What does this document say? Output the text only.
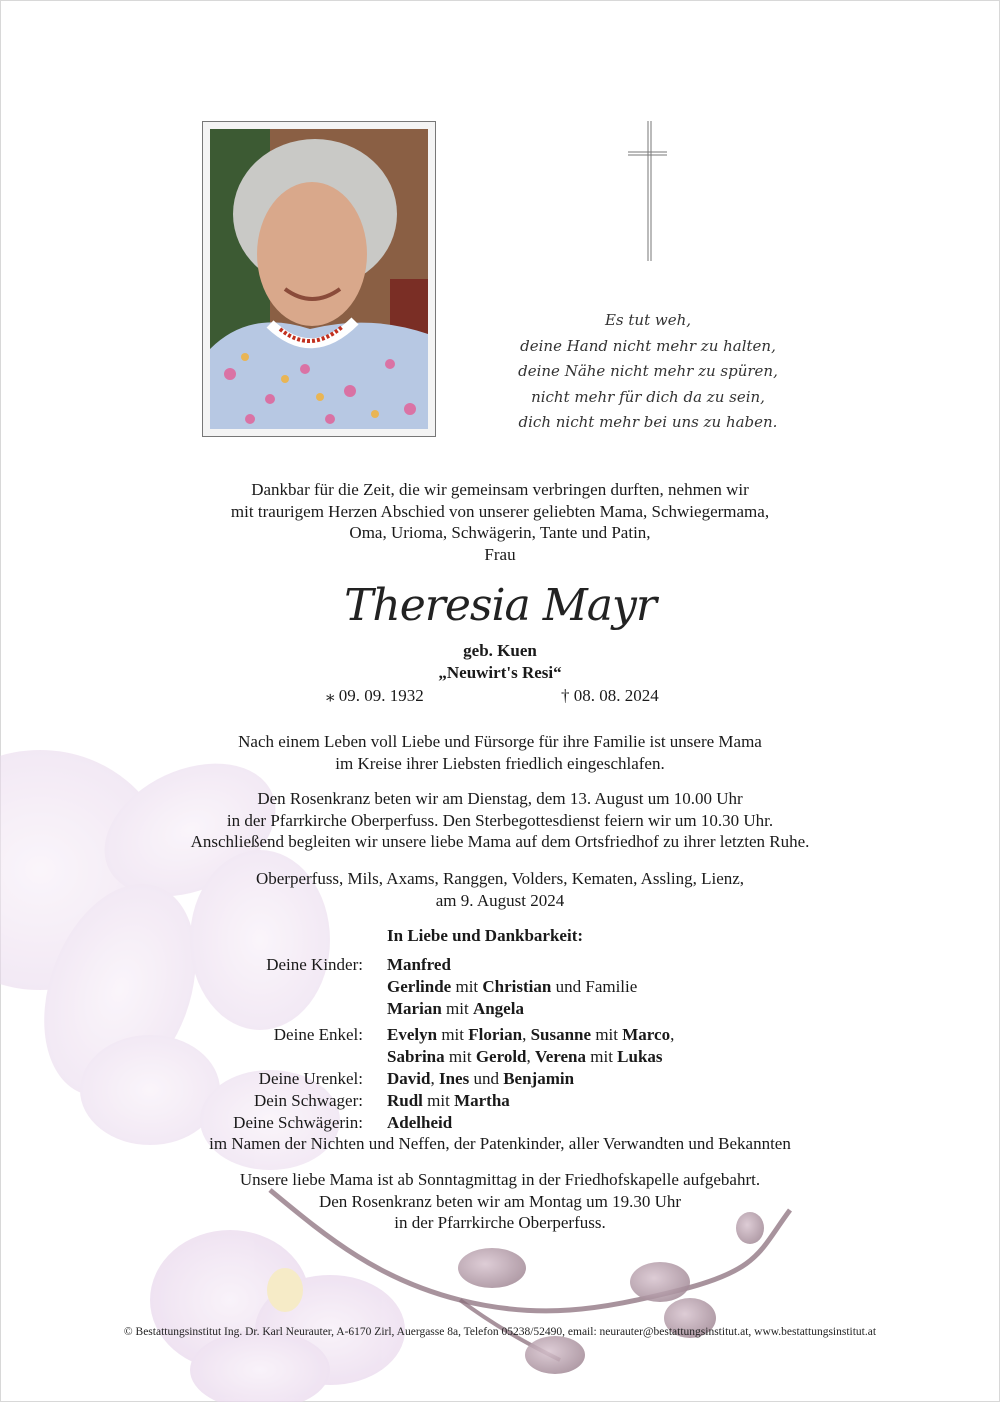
Es tut weh,
deine Hand nicht mehr zu halten,
deine Nähe nicht mehr zu spüren,
nicht mehr für dich da zu sein,
dich nicht mehr bei uns zu haben.
Dankbar für die Zeit, die wir gemeinsam verbringen durften, nehmen wir
mit traurigem Herzen Abschied von unserer geliebten Mama, Schwiegermama,
Oma, Urioma, Schwägerin, Tante und Patin,
Frau
Theresia Mayr
geb. Kuen
„Neuwirt's Resi“
⁎ 09. 09. 1932	† 08. 08. 2024
Nach einem Leben voll Liebe und Fürsorge für ihre Familie ist unsere Mama
im Kreise ihrer Liebsten friedlich eingeschlafen.
Den Rosenkranz beten wir am Dienstag, dem 13. August um 10.00 Uhr
in der Pfarrkirche Oberperfuss. Den Sterbegottesdienst feiern wir um 10.30 Uhr.
Anschließend begleiten wir unsere liebe Mama auf dem Ortsfriedhof zu ihrer letzten Ruhe.
Oberperfuss, Mils, Axams, Ranggen, Volders, Kematen, Assling, Lienz,
am 9. August 2024
In Liebe und Dankbarkeit:
Deine Kinder: Manfred
Gerlinde mit Christian und Familie
Marian mit Angela
Deine Enkel: Evelyn mit Florian, Susanne mit Marco,
Sabrina mit Gerold, Verena mit Lukas
Deine Urenkel: David, Ines und Benjamin
Dein Schwager: Rudl mit Martha
Deine Schwägerin: Adelheid
im Namen der Nichten und Neffen, der Patenkinder, aller Verwandten und Bekannten
Unsere liebe Mama ist ab Sonntagmittag in der Friedhofskapelle aufgebahrt.
Den Rosenkranz beten wir am Montag um 19.30 Uhr
in der Pfarrkirche Oberperfuss.
© Bestattungsinstitut Ing. Dr. Karl Neurauter, A-6170 Zirl, Auergasse 8a, Telefon 05238/52490, email: neurauter@bestattungsinstitut.at, www.bestattungsinstitut.at
